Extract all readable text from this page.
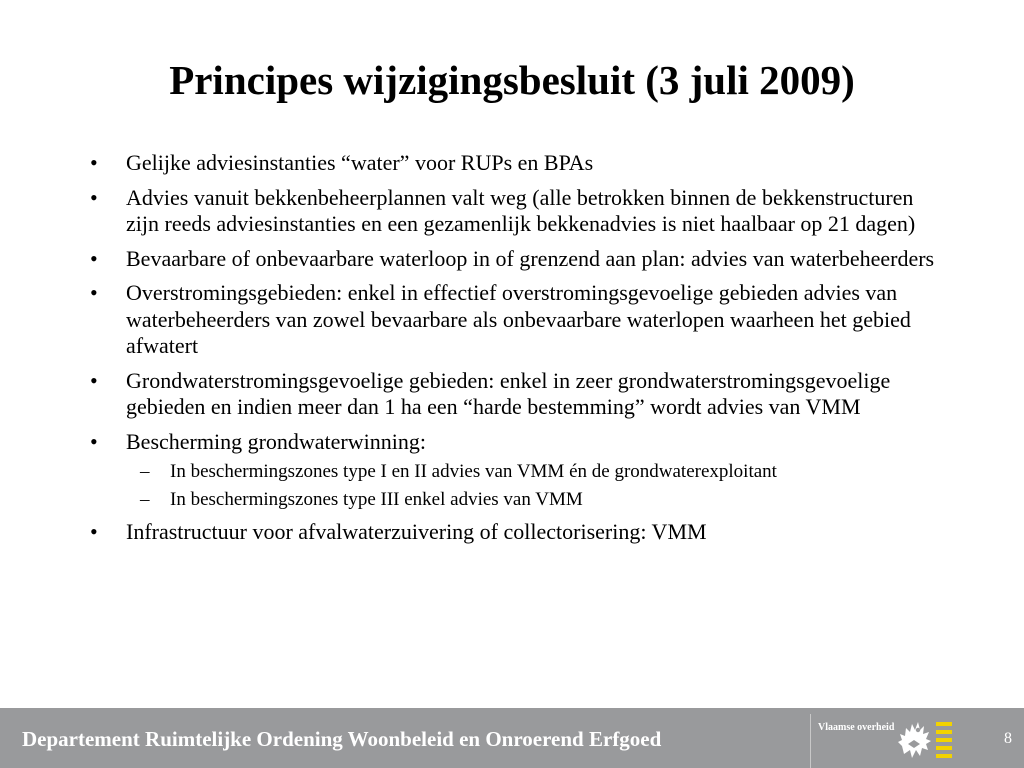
Principes wijzigingsbesluit (3 juli 2009)
•	Gelijke adviesinstanties “water” voor RUPs en BPAs
•	Advies vanuit bekkenbeheerplannen valt weg (alle betrokken binnen de bekkenstructuren zijn reeds adviesinstanties en een gezamenlijk bekkenadvies is niet haalbaar op 21 dagen)
•	Bevaarbare of onbevaarbare waterloop in of grenzend aan plan: advies van waterbeheerders
•	Overstromingsgebieden: enkel in effectief overstromingsgevoelige gebieden advies van waterbeheerders van zowel bevaarbare als onbevaarbare waterlopen waarheen het gebied afwatert
•	Grondwaterstromingsgevoelige gebieden: enkel in zeer grondwaterstromingsgevoelige gebieden en indien meer dan 1 ha een “harde bestemming” wordt advies van VMM
•	Bescherming grondwaterwinning:
– In beschermingszones type I en II advies van VMM én de grondwaterexploitant
– In beschermingszones type III enkel advies van VMM
•	Infrastructuur voor afvalwaterzuivering of collectorisering: VMM
Departement Ruimtelijke Ordening Woonbeleid en Onroerend Erfgoed	Vlaamse overheid
8
